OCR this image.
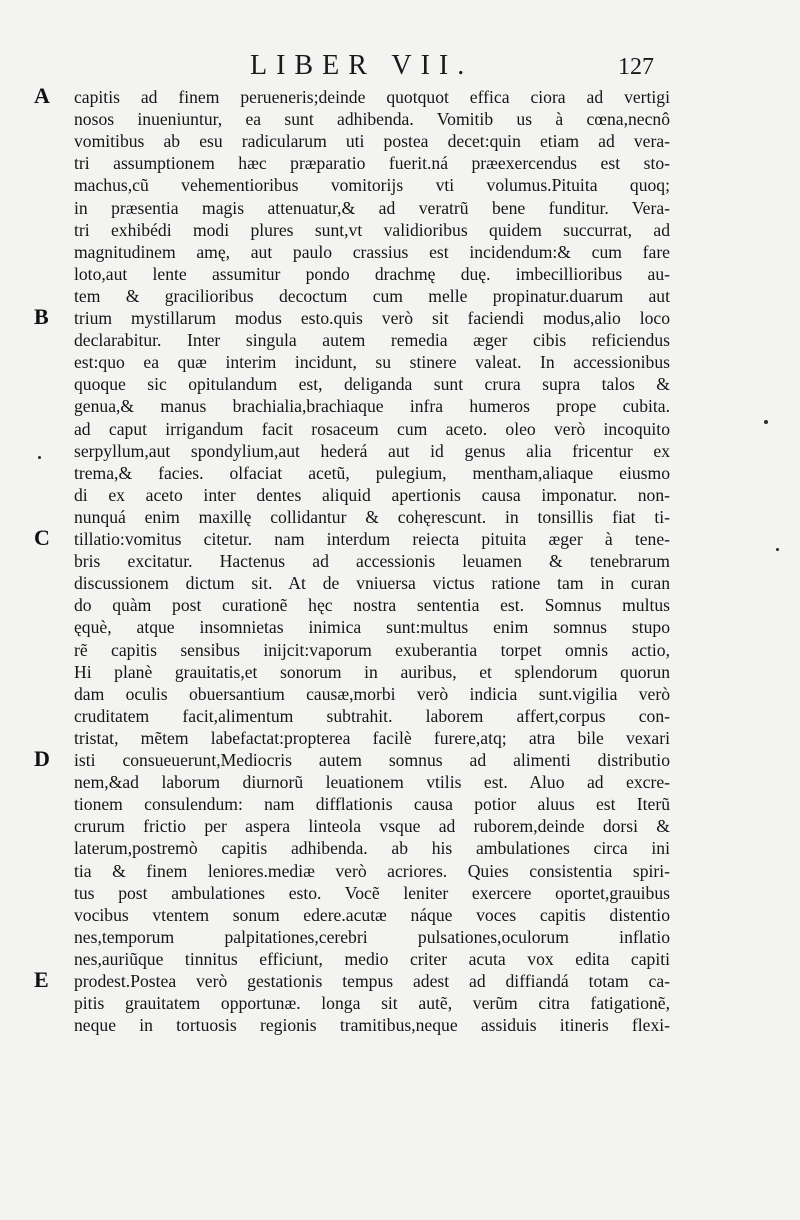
LIBER VII.	127
A	capitis ad finem perueneris;deinde quotquot effica ciora ad vertigi
nosos inueniuntur, ea sunt adhibenda. Vomitib us à cœna,necnô
vomitibus ab esu radicularum uti postea decet:quin etiam ad vera-
tri assumptionem hæc præparatio fuerit.ná præexercendus est sto-
machus,cũ vehementioribus vomitorijs vti volumus.Pituita quoq;
in præsentia magis attenuatur,& ad veratrũ bene funditur. Vera-
tri exhibédi modi plures sunt,vt validioribus quidem succurrat, ad
magnitudinem amę, aut paulo crassius est incidendum:& cum fare
loto,aut lente assumitur pondo drachmę duę. imbecillioribus au-
tem & gracilioribus decoctum cum melle propinatur.duarum aut
B	trium mystillarum modus esto.quis verò sit faciendi modus,alio loco
declarabitur. Inter singula autem remedia æger cibis reficiendus
est:quo ea quæ interim incidunt, su stinere valeat. In accessionibus
quoque sic opitulandum est, deliganda sunt crura supra talos &
genua,& manus brachialia,brachiaque infra humeros prope cubita.
ad caput irrigandum facit rosaceum cum aceto. oleo verò incoquito
serpyllum,aut spondylium,aut hederá aut id genus alia fricentur ex
trema,& facies. olfaciat acetũ, pulegium, mentham,aliaque eiusmo
di ex aceto inter dentes aliquid apertionis causa imponatur. non-
nunquá enim maxillę collidantur & cohęrescunt. in tonsillis fiat ti-
C	tillatio:vomitus citetur. nam interdum reiecta pituita æger à tene-
bris excitatur. Hactenus ad accessionis leuamen & tenebrarum
discussionem dictum sit. At de vniuersa victus ratione tam in curan
do quàm post curationẽ hęc nostra sententia est. Somnus multus
ęquè, atque insomnietas inimica sunt:multus enim somnus stupo
rẽ capitis sensibus inijcit:vaporum exuberantia torpet omnis actio,
Hi planè grauitatis,et sonorum in auribus, et splendorum quorun
dam oculis obuersantium causæ,morbi verò indicia sunt.vigilia verò
cruditatem facit,alimentum subtrahit. laborem affert,corpus con-
tristat, mẽtem labefactat:propterea facilè furere,atq; atra bile vexari
D	isti consueuerunt,Mediocris autem somnus ad alimenti distributio
nem,&ad laborum diurnorũ leuationem vtilis est. Aluo ad excre-
tionem consulendum: nam difflationis causa potior aluus est Iterũ
crurum frictio per aspera linteola vsque ad ruborem,deinde dorsi &
laterum,postremò capitis adhibenda. ab his ambulationes circa ini
tia & finem leniores.mediæ verò acriores. Quies consistentia spiri-
tus post ambulationes esto. Vocẽ leniter exercere oportet,grauibus
vocibus vtentem sonum edere.acutæ náque voces capitis distentio
nes,temporum palpitationes,cerebri pulsationes,oculorum inflatio
nes,auriũque tinnitus efficiunt, medio criter acuta vox edita capiti
E	prodest.Postea verò gestationis tempus adest ad diffiandá totam ca-
pitis grauitatem opportunæ. longa sit autẽ, verũm citra fatigationẽ,
neque in tortuosis regionis tramitibus,neque assiduis itineris flexi-
